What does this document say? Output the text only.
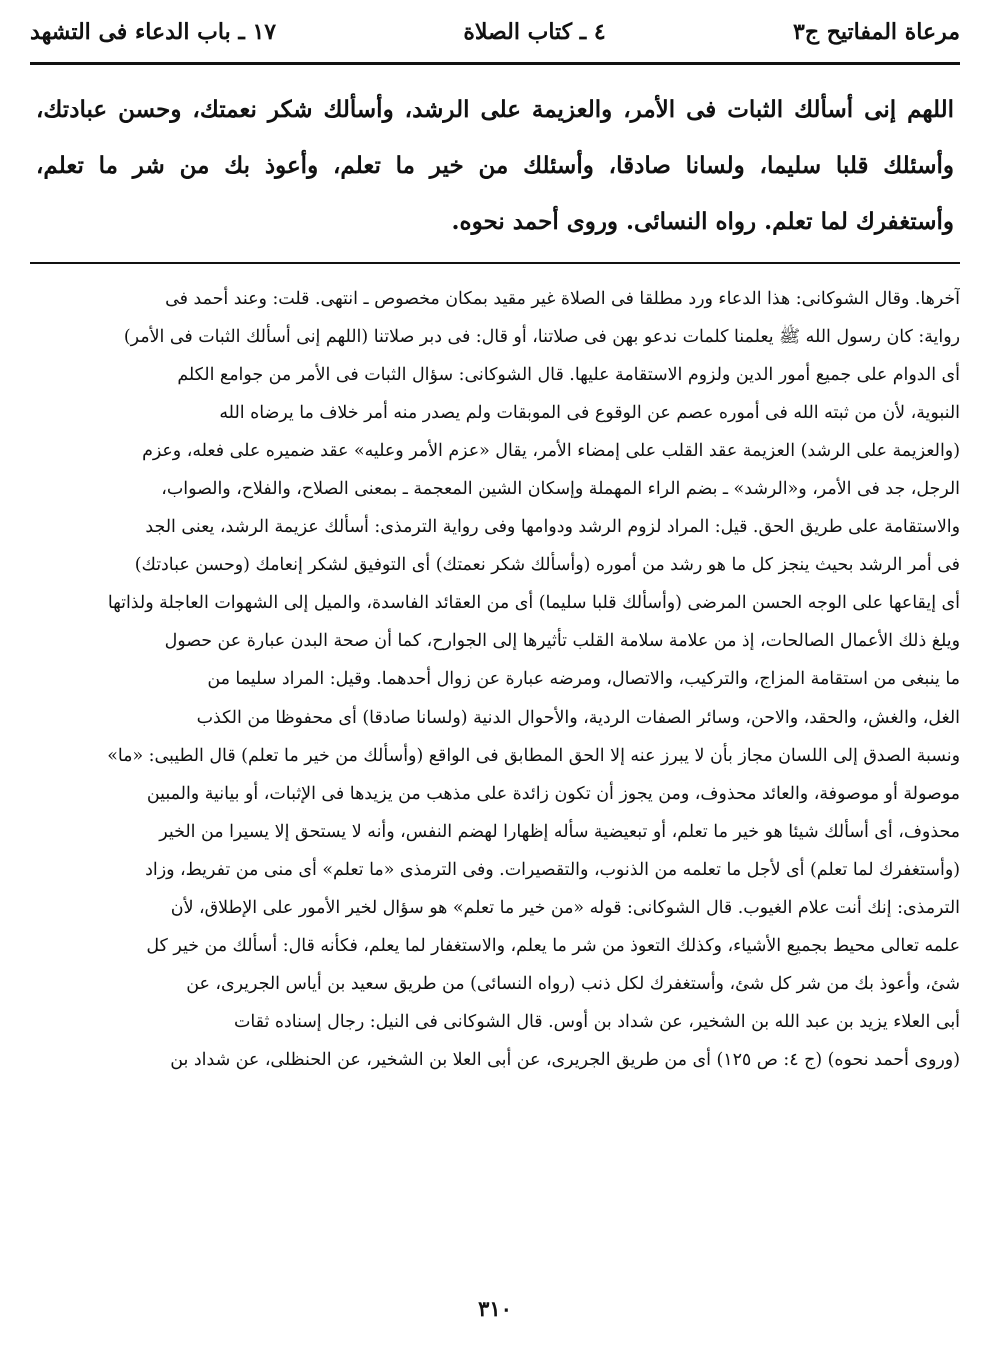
مرعاة المفاتيح ج٣
٤ ـ كتاب الصلاة
١٧ ـ باب الدعاء فى التشهد
اللهم إنى أسألك الثبات فى الأمر، والعزيمة على الرشد، وأسألك شكر نعمتك، وحسن عبادتك، وأسئلك قلبا سليما، ولسانا صادقا، وأسئلك من خير ما تعلم، وأعوذ بك من شر ما تعلم، وأستغفرك لما تعلم. رواه النسائى. وروى أحمد نحوه.

آخرها. وقال الشوكانى: هذا الدعاء ورد مطلقا فى الصلاة غير مقيد بمكان مخصوص ـ انتهى. قلت: وعند أحمد فى

رواية: كان رسول الله ﷺ يعلمنا كلمات ندعو بهن فى صلاتنا، أو قال: فى دبر صلاتنا (اللهم إنى أسألك الثبات فى الأمر)

أى الدوام على جميع أمور الدين ولزوم الاستقامة عليها. قال الشوكانى: سؤال الثبات فى الأمر من جوامع الكلم

النبوية، لأن من ثبته الله فى أموره عصم عن الوقوع فى الموبقات ولم يصدر منه أمر خلاف ما يرضاه الله

(والعزيمة على الرشد) العزيمة عقد القلب على إمضاء الأمر، يقال «عزم الأمر وعليه» عقد ضميره على فعله، وعزم

الرجل، جد فى الأمر، و«الرشد» ـ بضم الراء المهملة وإسكان الشين المعجمة ـ بمعنى الصلاح، والفلاح، والصواب،

والاستقامة على طريق الحق. قيل: المراد لزوم الرشد ودوامها وفى رواية الترمذى: أسألك عزيمة الرشد، يعنى الجد

فى أمر الرشد بحيث ينجز كل ما هو رشد من أموره (وأسألك شكر نعمتك) أى التوفيق لشكر إنعامك (وحسن عبادتك)

أى إيقاعها على الوجه الحسن المرضى (وأسألك قلبا سليما) أى من العقائد الفاسدة، والميل إلى الشهوات العاجلة ولذاتها

ويلغ ذلك الأعمال الصالحات، إذ من علامة سلامة القلب تأثيرها إلى الجوارح، كما أن صحة البدن عبارة عن حصول

ما ينبغى من استقامة المزاج، والتركيب، والاتصال، ومرضه عبارة عن زوال أحدهما. وقيل: المراد سليما من

الغل، والغش، والحقد، والاحن، وسائر الصفات الردية، والأحوال الدنية (ولسانا صادقا) أى محفوظا من الكذب

ونسبة الصدق إلى اللسان مجاز بأن لا يبرز عنه إلا الحق المطابق فى الواقع (وأسألك من خير ما تعلم) قال الطيبى: «ما»

موصولة أو موصوفة، والعائد محذوف، ومن يجوز أن تكون زائدة على مذهب من يزيدها فى الإثبات، أو بيانية والمبين

محذوف، أى أسألك شيئا هو خير ما تعلم، أو تبعيضية سأله إظهارا لهضم النفس، وأنه لا يستحق إلا يسيرا من الخير

(وأستغفرك لما تعلم) أى لأجل ما تعلمه من الذنوب، والتقصيرات. وفى الترمذى «ما تعلم» أى منى من تفريط، وزاد

الترمذى: إنك أنت علام الغيوب. قال الشوكانى: قوله «من خير ما تعلم» هو سؤال لخير الأمور على الإطلاق، لأن

علمه تعالى محيط بجميع الأشياء، وكذلك التعوذ من شر ما يعلم، والاستغفار لما يعلم، فكأنه قال: أسألك من خير كل

شئ، وأعوذ بك من شر كل شئ، وأستغفرك لكل ذنب (رواه النسائى) من طريق سعيد بن أياس الجريرى، عن

أبى العلاء يزيد بن عبد الله بن الشخير، عن شداد بن أوس. قال الشوكانى فى النيل: رجال إسناده ثقات

(وروى أحمد نحوه) (ج ٤: ص ١٢٥) أى من طريق الجريرى، عن أبى العلا بن الشخير، عن الحنظلى، عن شداد بن

٣١٠
